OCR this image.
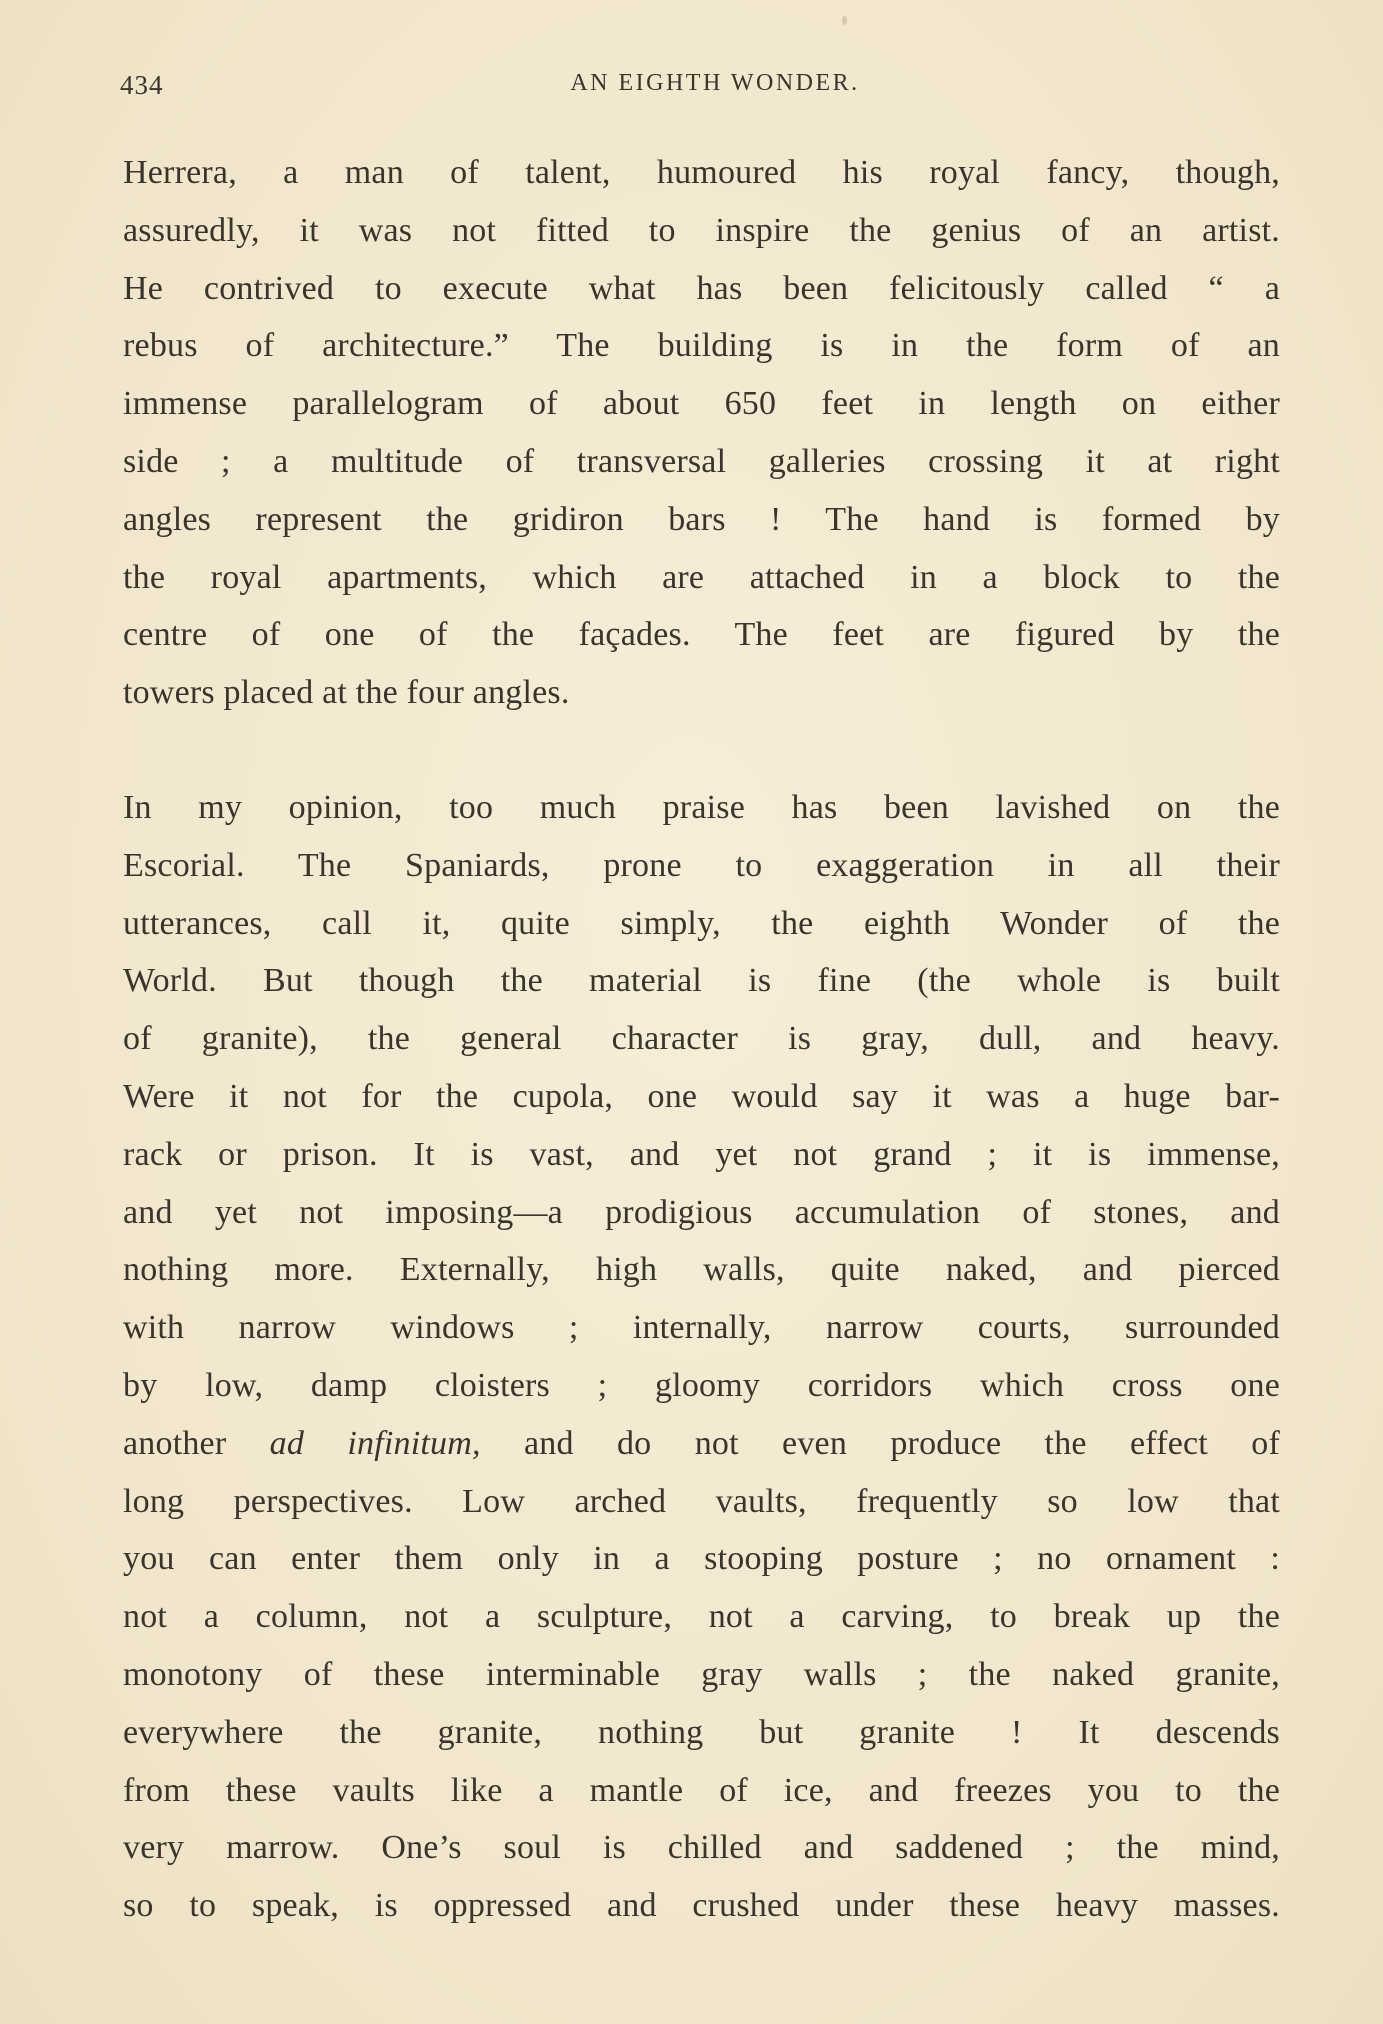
434	AN EIGHTH WONDER.
Herrera, a man of talent, humoured his royal fancy, though,
assuredly, it was not fitted to inspire the genius of an artist.
He contrived to execute what has been felicitously called “ a
rebus of architecture.” The building is in the form of an
immense parallelogram of about 650 feet in length on either
side ; a multitude of transversal galleries crossing it at right
angles represent the gridiron bars ! The hand is formed by
the royal apartments, which are attached in a block to the
centre of one of the façades. The feet are figured by the
towers placed at the four angles.
In my opinion, too much praise has been lavished on the
Escorial. The Spaniards, prone to exaggeration in all their
utterances, call it, quite simply, the eighth Wonder of the
World. But though the material is fine (the whole is built
of granite), the general character is gray, dull, and heavy.
Were it not for the cupola, one would say it was a huge bar-
rack or prison. It is vast, and yet not grand ; it is immense,
and yet not imposing—a prodigious accumulation of stones, and
nothing more. Externally, high walls, quite naked, and pierced
with narrow windows ; internally, narrow courts, surrounded
by low, damp cloisters ; gloomy corridors which cross one
another ad infinitum, and do not even produce the effect of
long perspectives. Low arched vaults, frequently so low that
you can enter them only in a stooping posture ; no ornament :
not a column, not a sculpture, not a carving, to break up the
monotony of these interminable gray walls ; the naked granite,
everywhere the granite, nothing but granite ! It descends
from these vaults like a mantle of ice, and freezes you to the
very marrow. One’s soul is chilled and saddened ; the mind,
so to speak, is oppressed and crushed under these heavy masses.
